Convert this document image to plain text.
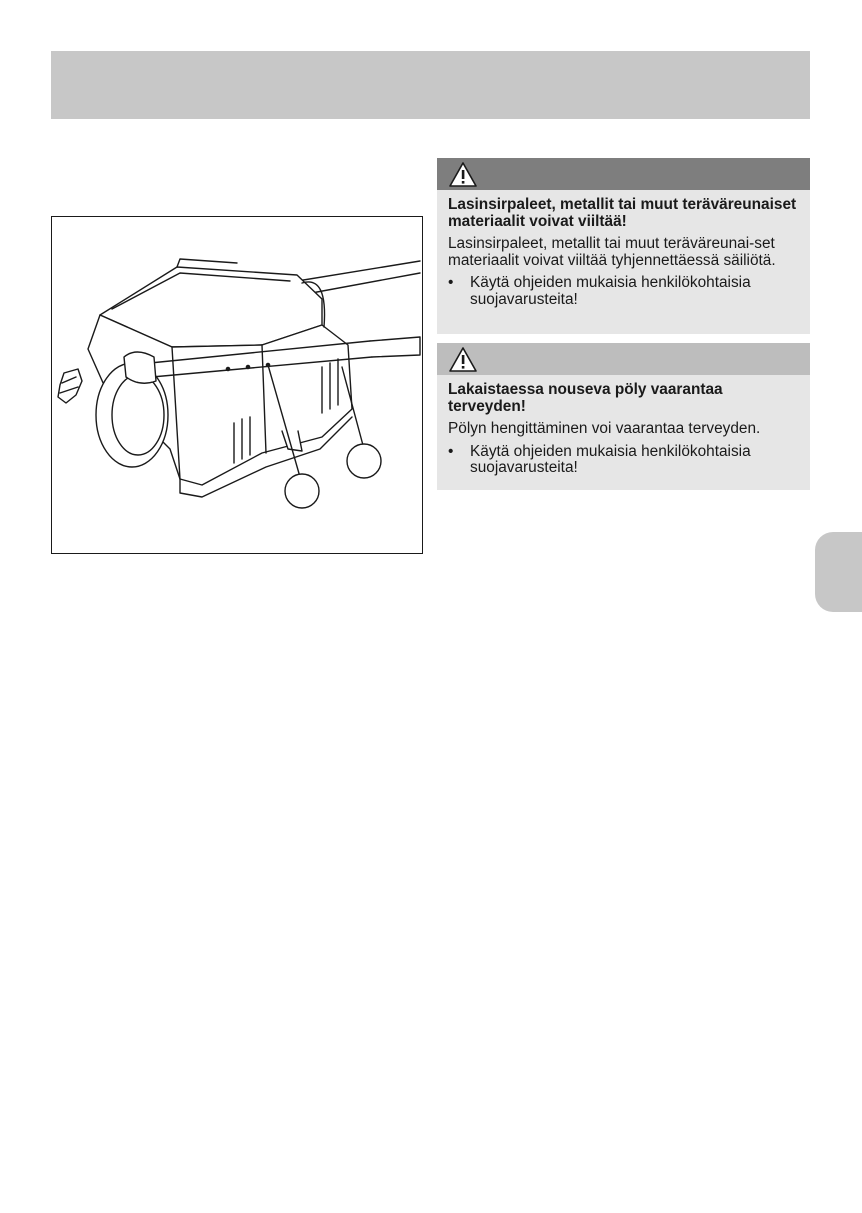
Lasinsirpaleet, metallit tai muut teräväreunaiset materiaalit voivat viiltää!

Lasinsirpaleet, metallit tai muut teräväreunai-set materiaalit voivat viiltää tyhjennettäessä säiliötä.

• Käytä ohjeiden mukaisia henkilökohtaisia suojavarusteita!

Lakaistaessa nouseva pöly vaarantaa terveyden!

Pölyn hengittäminen voi vaarantaa terveyden.

• Käytä ohjeiden mukaisia henkilökohtaisia suojavarusteita!
